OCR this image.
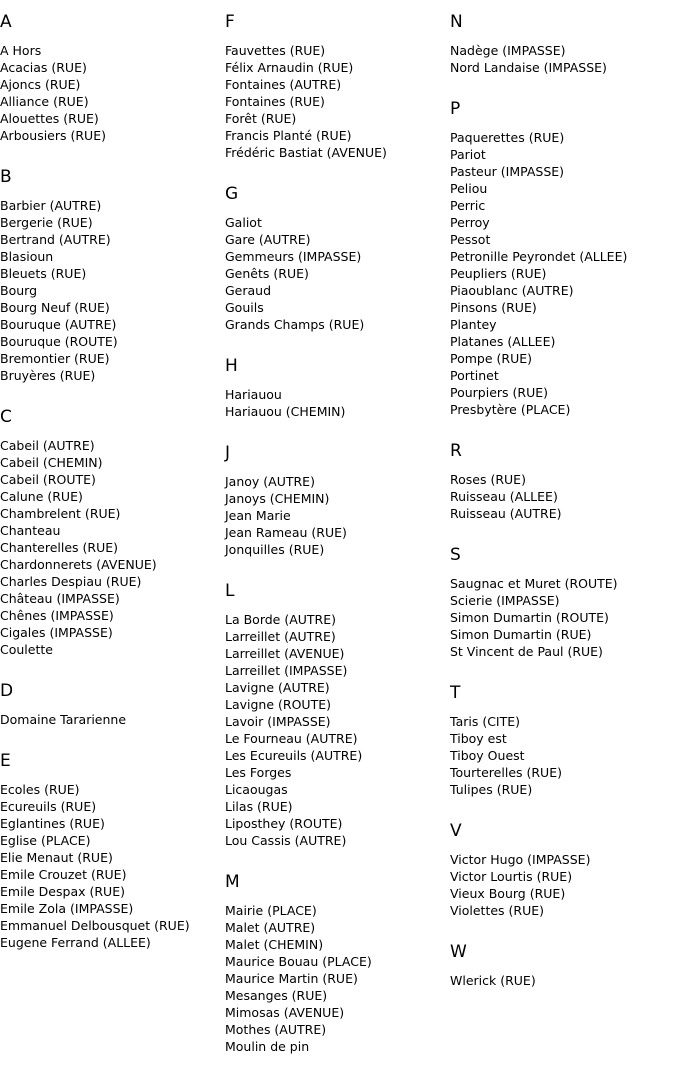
A
A Hors
Acacias (RUE)
Ajoncs (RUE)
Alliance (RUE)
Alouettes (RUE)
Arbousiers (RUE)
B
Barbier (AUTRE)
Bergerie (RUE)
Bertrand (AUTRE)
Blasioun
Bleuets (RUE)
Bourg
Bourg Neuf (RUE)
Bouruque (AUTRE)
Bouruque (ROUTE)
Bremontier (RUE)
Bruyères (RUE)
C
Cabeil (AUTRE)
Cabeil (CHEMIN)
Cabeil (ROUTE)
Calune (RUE)
Chambrelent (RUE)
Chanteau
Chanterelles (RUE)
Chardonnerets (AVENUE)
Charles Despiau (RUE)
Château (IMPASSE)
Chênes (IMPASSE)
Cigales (IMPASSE)
Coulette
D
Domaine Tararienne
E
Ecoles (RUE)
Ecureuils (RUE)
Eglantines (RUE)
Eglise (PLACE)
Elie Menaut (RUE)
Emile Crouzet (RUE)
Emile Despax (RUE)
Emile Zola (IMPASSE)
Emmanuel Delbousquet (RUE)
Eugene Ferrand (ALLEE)
F
Fauvettes (RUE)
Félix Arnaudin (RUE)
Fontaines (AUTRE)
Fontaines (RUE)
Forêt (RUE)
Francis Planté (RUE)
Frédéric Bastiat (AVENUE)
G
Galiot
Gare (AUTRE)
Gemmeurs (IMPASSE)
Genêts (RUE)
Geraud
Gouils
Grands Champs (RUE)
H
Hariauou
Hariauou (CHEMIN)
J
Janoy (AUTRE)
Janoys (CHEMIN)
Jean Marie
Jean Rameau (RUE)
Jonquilles (RUE)
L
La Borde (AUTRE)
Larreillet (AUTRE)
Larreillet (AVENUE)
Larreillet (IMPASSE)
Lavigne (AUTRE)
Lavigne (ROUTE)
Lavoir (IMPASSE)
Le Fourneau (AUTRE)
Les Ecureuils (AUTRE)
Les Forges
Licaougas
Lilas (RUE)
Liposthey (ROUTE)
Lou Cassis (AUTRE)
M
Mairie (PLACE)
Malet (AUTRE)
Malet (CHEMIN)
Maurice Bouau (PLACE)
Maurice Martin (RUE)
Mesanges (RUE)
Mimosas (AVENUE)
Mothes (AUTRE)
Moulin de pin
N
Nadège (IMPASSE)
Nord Landaise (IMPASSE)
P
Paquerettes (RUE)
Pariot
Pasteur (IMPASSE)
Peliou
Perric
Perroy
Pessot
Petronille Peyrondet (ALLEE)
Peupliers (RUE)
Piaoublanc (AUTRE)
Pinsons (RUE)
Plantey
Platanes (ALLEE)
Pompe (RUE)
Portinet
Pourpiers (RUE)
Presbytère (PLACE)
R
Roses (RUE)
Ruisseau (ALLEE)
Ruisseau (AUTRE)
S
Saugnac et Muret (ROUTE)
Scierie (IMPASSE)
Simon Dumartin (ROUTE)
Simon Dumartin (RUE)
St Vincent de Paul (RUE)
T
Taris (CITE)
Tiboy est
Tiboy Ouest
Tourterelles (RUE)
Tulipes (RUE)
V
Victor Hugo (IMPASSE)
Victor Lourtis (RUE)
Vieux Bourg (RUE)
Violettes (RUE)
W
Wlerick (RUE)
